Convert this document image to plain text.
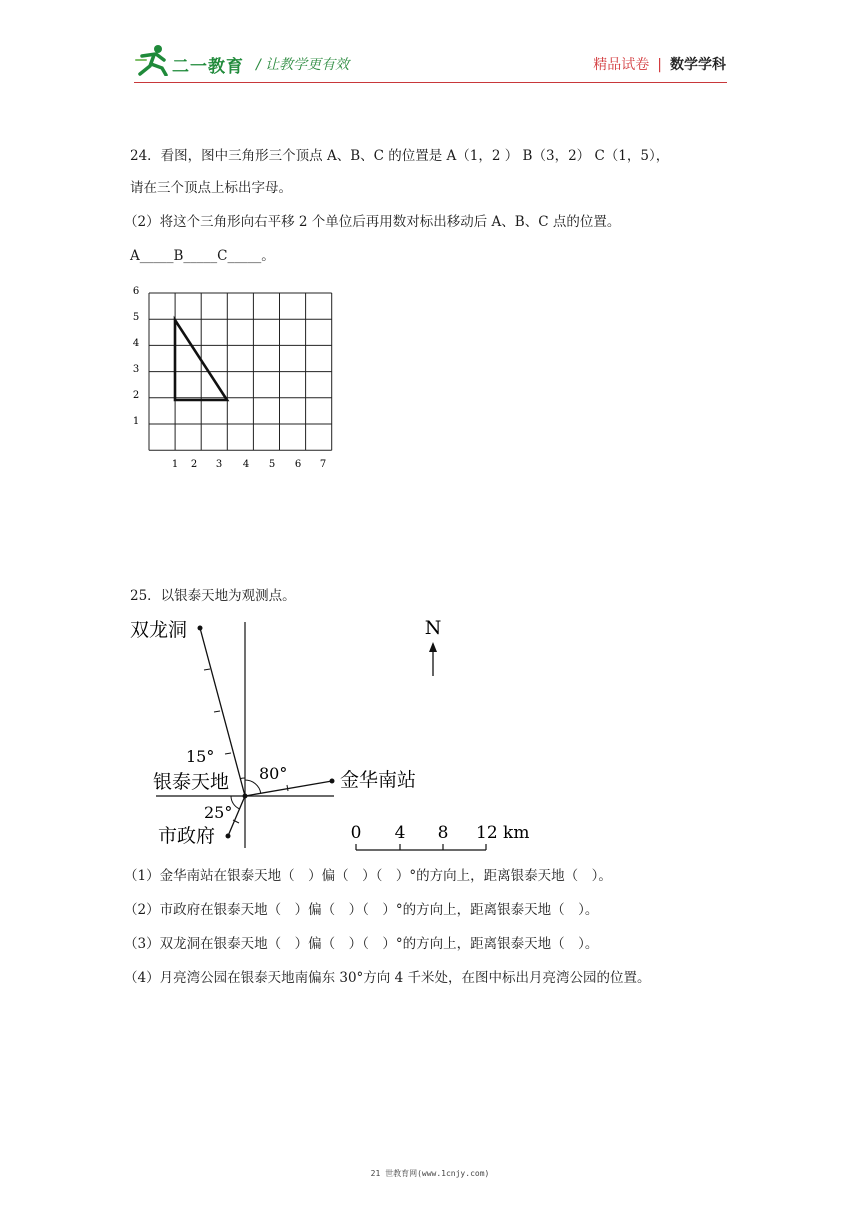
二一教育 / 让教学更有效	精品试卷 | 数学学科
24．看图，图中三角形三个顶点 A、B、C 的位置是 A（1，2 ） B（3，2） C（1，5），
请在三个顶点上标出字母。
（2）将这个三角形向右平移 2 个单位后再用数对标出移动后 A、B、C 点的位置。
A_____B_____C_____。
1 2 3 4 5 6 7
1
2
3
4
5
6
25．以银泰天地为观测点。
双龙洞
15°
银泰天地 80°	金华南站
25°
市政府
N
0 4 8 12 km
（1）金华南站在银泰天地（　）偏（　）（　）°的方向上，距离银泰天地（　）。
（2）市政府在银泰天地（　）偏（　）（　）°的方向上，距离银泰天地（　）。
（3）双龙洞在银泰天地（　）偏（　）（　）°的方向上，距离银泰天地（　）。
（4）月亮湾公园在银泰天地南偏东 30°方向 4 千米处，在图中标出月亮湾公园的位置。
21 世教育网(www.1cnjy.com)
